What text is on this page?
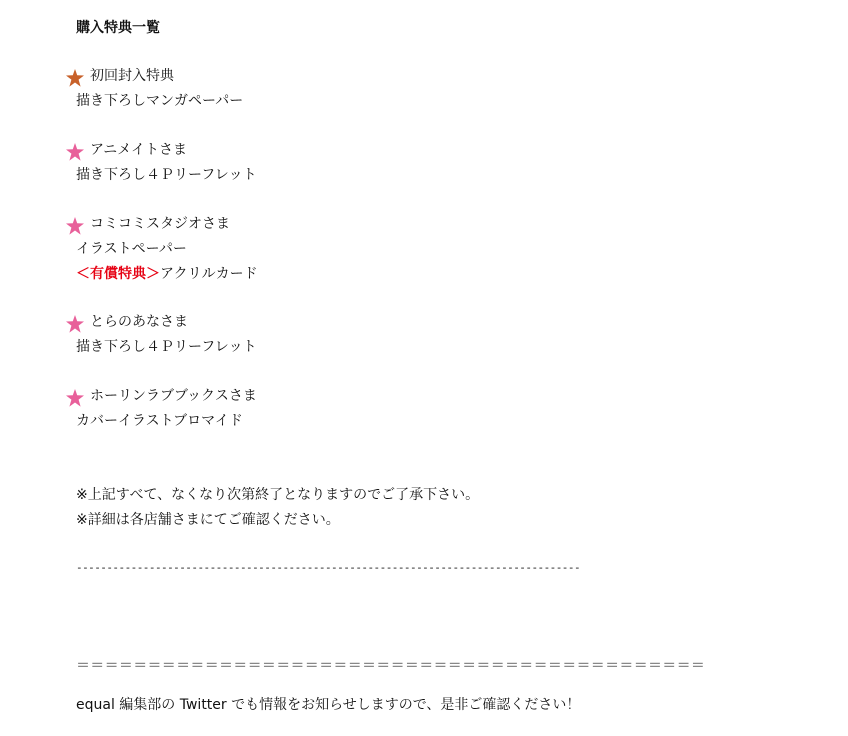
購入特典一覧
初回封入特典
描き下ろしマンガペーパー
アニメイトさま
描き下ろし４Ｐリーフレット
コミコミスタジオさま
イラストペーパー
＜有償特典＞アクリルカード
とらのあなさま
描き下ろし４Ｐリーフレット
ホーリンラブブックスさま
カバーイラストブロマイド
※上記すべて、なくなり次第終了となりますのでご了承下さい。
※詳細は各店舗さまにてご確認ください。
-----------------------------------------------------------------------------------
＝＝＝＝＝＝＝＝＝＝＝＝＝＝＝＝＝＝＝＝＝＝＝＝＝＝＝＝＝＝＝＝＝＝＝＝＝＝＝＝＝＝＝＝
equal 編集部の Twitter でも情報をお知らせしますので、是非ご確認ください！
